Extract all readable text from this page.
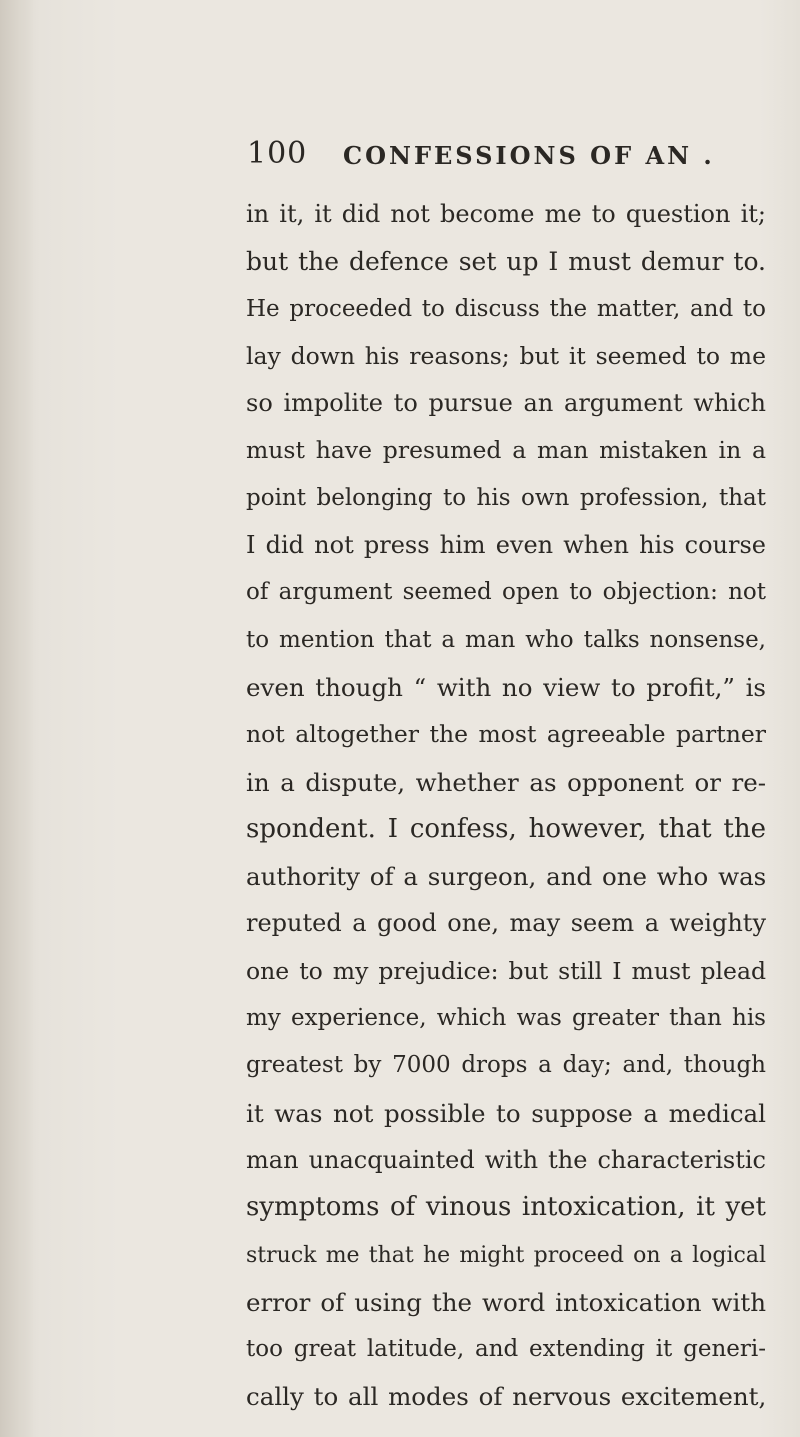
100 CONFESSIONS OF AN .
in it, it did not become me to question it;
but the defence set up I must demur to.
He proceeded to discuss the matter, and to
lay down his reasons; but it seemed to me
so impolite to pursue an argument which
must have presumed a man mistaken in a
point belonging to his own profession, that
I did not press him even when his course
of argument seemed open to objection: not
to mention that a man who talks nonsense,
even though “ with no view to profit,” is
not altogether the most agreeable partner
in a dispute, whether as opponent or re-
spondent. I confess, however, that the
authority of a surgeon, and one who was
reputed a good one, may seem a weighty
one to my prejudice: but still I must plead
my experience, which was greater than his
greatest by 7000 drops a day; and, though
it was not possible to suppose a medical
man unacquainted with the characteristic
symptoms of vinous intoxication, it yet
struck me that he might proceed on a logical
error of using the word intoxication with
too great latitude, and extending it generi-
cally to all modes of nervous excitement,
